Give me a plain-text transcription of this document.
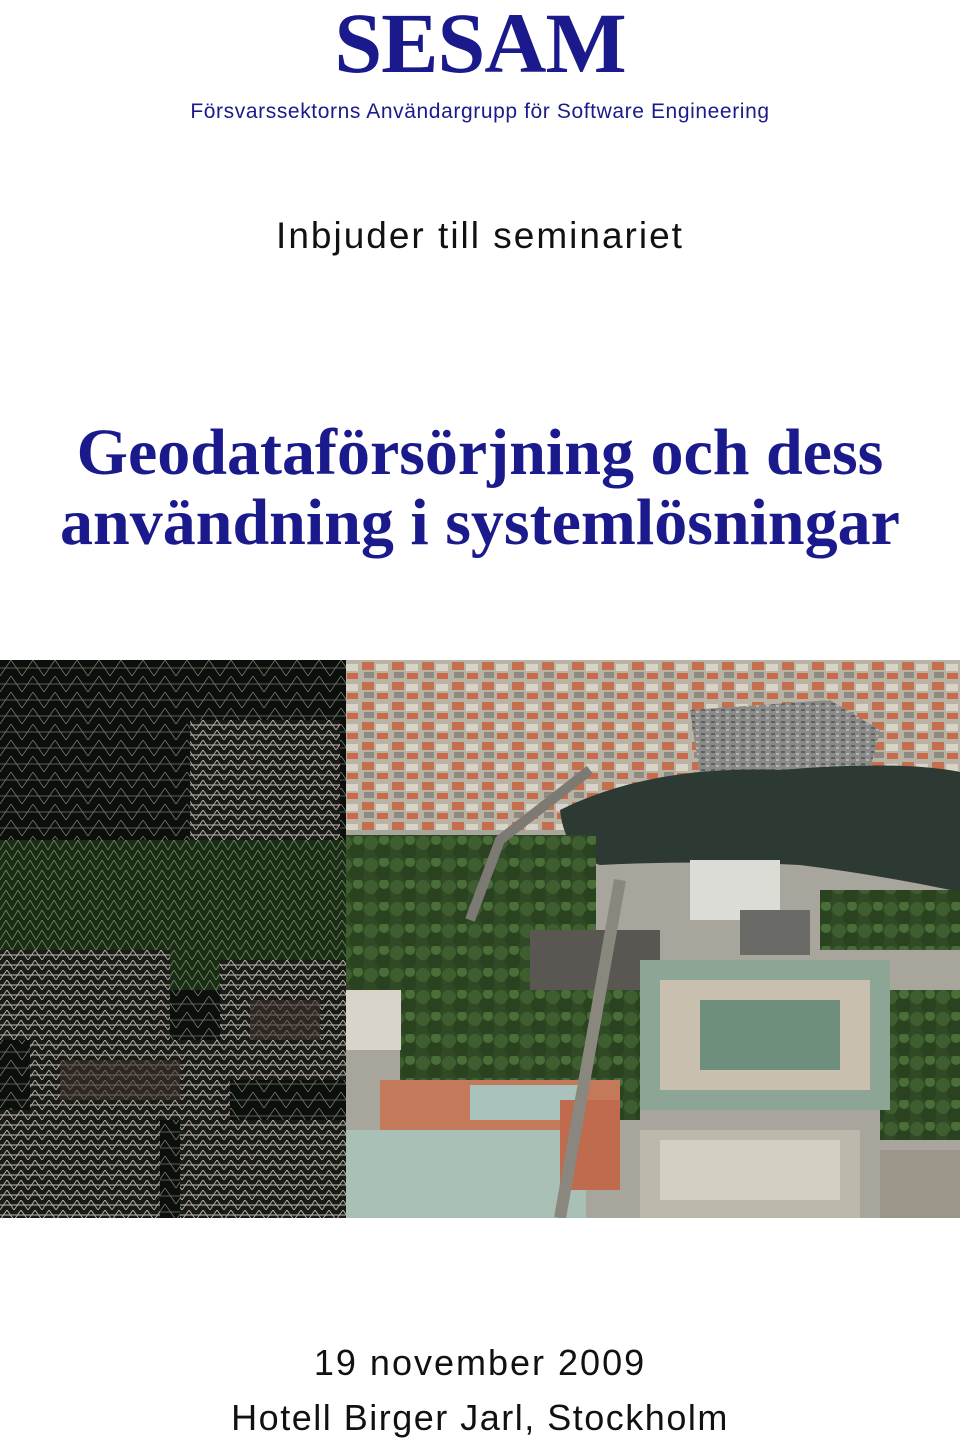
SESAM
Försvarssektorns Användargrupp för Software Engineering
Inbjuder till seminariet
Geodataförsörjning och dess
användning i systemlösningar
19 november 2009
Hotell Birger Jarl, Stockholm
